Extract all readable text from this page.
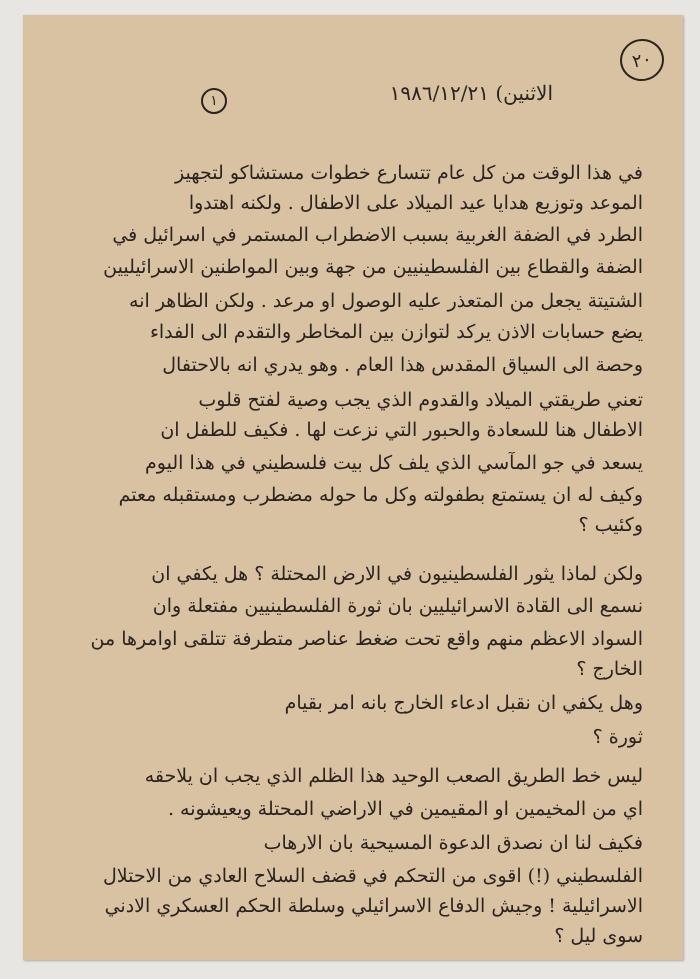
٢٠
١	الاثنين) ١٩٨٦/١٢/٢١
في هذا الوقت من كل عام تتسارع خطوات مستشاكو لتجهيز
الموعد وتوزيع هدايا عيد الميلاد على الاطفال . ولكنه اهتدوا
الطرد في الضفة الغربية بسبب الاضطراب المستمر في اسرائيل في
الضفة والقطاع بين الفلسطينيين من جهة وبين المواطنين الاسرائيليين
الشتيتة يجعل من المتعذر عليه الوصول او مرعد . ولكن الظاهر انه
يضع حسابات الاذن يركد لتوازن بين المخاطر والتقدم الى الفداء
وحصة الى السياق المقدس هذا العام . وهو يدري انه بالاحتفال
تعني طريقتي الميلاد والقدوم الذي يجب وصية لفتح قلوب
الاطفال هنا للسعادة والحبور التي نزعت لها . فكيف للطفل ان
يسعد في جو المآسي الذي يلف كل بيت فلسطيني في هذا اليوم
وكيف له ان يستمتع بطفولته وكل ما حوله مضطرب ومستقبله معتم
وكئيب ؟
ولكن لماذا يثور الفلسطينيون في الارض المحتلة ؟ هل يكفي ان
نسمع الى القادة الاسرائيليين بان ثورة الفلسطينيين مفتعلة وان
السواد الاعظم منهم واقع تحت ضغط عناصر متطرفة تتلقى اوامرها من
الخارج ؟
وهل يكفي ان نقبل ادعاء الخارج بانه امر بقيام
ثورة ؟
ليس خط الطريق الصعب الوحيد هذا الظلم الذي يجب ان يلاحقه
اي من المخيمين او المقيمين في الاراضي المحتلة ويعيشونه .
فكيف لنا ان نصدق الدعوة المسيحية بان الارهاب
الفلسطيني (!) اقوى من التحكم في قضف السلاح العادي من الاحتلال
الاسرائيلية ! وجيش الدفاع الاسرائيلي وسلطة الحكم العسكري الادني
سوى ليل ؟
